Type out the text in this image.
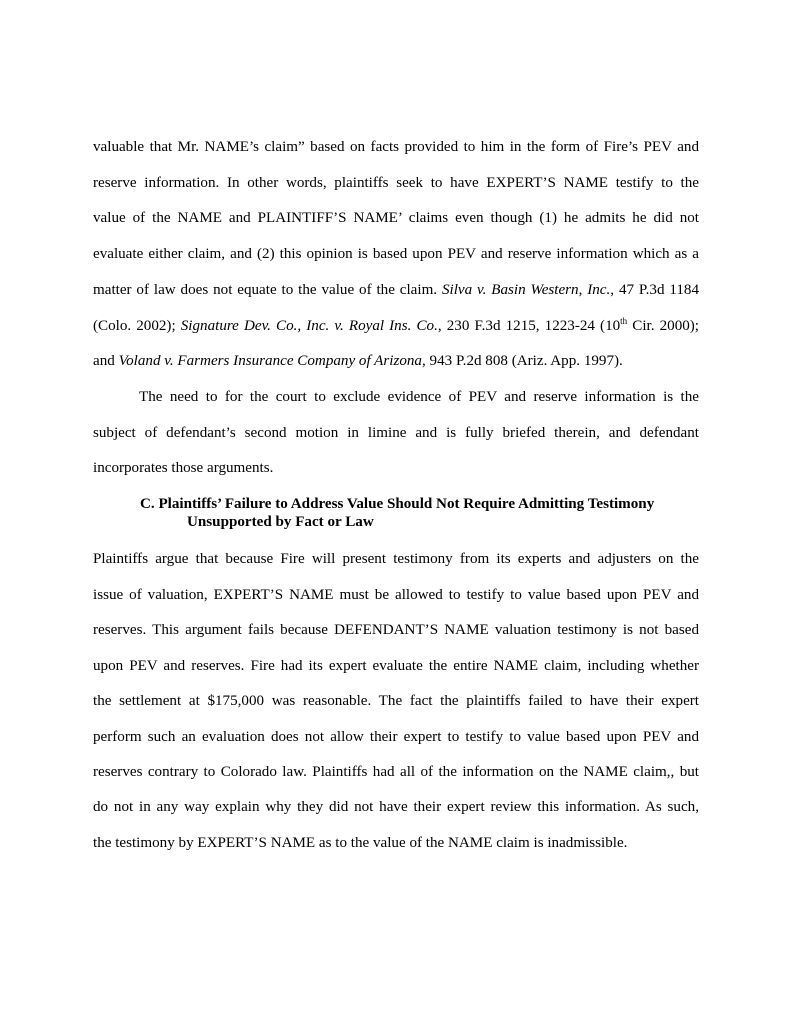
valuable that Mr. NAME’s claim” based on facts provided to him in the form of Fire’s PEV and
reserve information. In other words, plaintiffs seek to have EXPERT’S NAME testify to the
value of the NAME and PLAINTIFF’S NAME’ claims even though (1) he admits he did not
evaluate either claim, and (2) this opinion is based upon PEV and reserve information which as a
matter of law does not equate to the value of the claim. Silva v. Basin Western, Inc., 47 P.3d 1184
(Colo. 2002); Signature Dev. Co., Inc. v. Royal Ins. Co., 230 F.3d 1215, 1223-24 (10th Cir. 2000);
and Voland v. Farmers Insurance Company of Arizona, 943 P.2d 808 (Ariz. App. 1997).
The need to for the court to exclude evidence of PEV and reserve information is the
subject of defendant’s second motion in limine and is fully briefed therein, and defendant
incorporates those arguments.
C. Plaintiffs’ Failure to Address Value Should Not Require Admitting Testimony
Unsupported by Fact or Law
Plaintiffs argue that because Fire will present testimony from its experts and adjusters on the
issue of valuation, EXPERT’S NAME must be allowed to testify to value based upon PEV and
reserves. This argument fails because DEFENDANT’S NAME valuation testimony is not based
upon PEV and reserves. Fire had its expert evaluate the entire NAME claim, including whether
the settlement at $175,000 was reasonable. The fact the plaintiffs failed to have their expert
perform such an evaluation does not allow their expert to testify to value based upon PEV and
reserves contrary to Colorado law. Plaintiffs had all of the information on the NAME claim,, but
do not in any way explain why they did not have their expert review this information. As such,
the testimony by EXPERT’S NAME as to the value of the NAME claim is inadmissible.
